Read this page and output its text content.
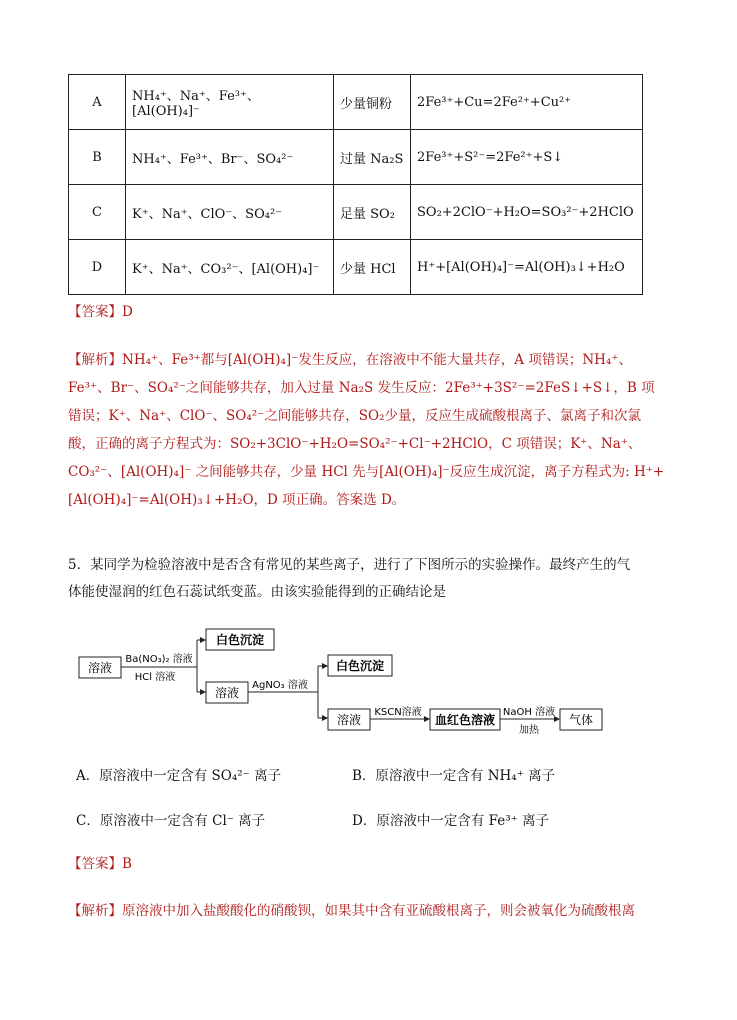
A	NH₄⁺、Na⁺、Fe³⁺、[Al(OH)₄]⁻	少量铜粉	2Fe³⁺+Cu=2Fe²⁺+Cu²⁺
B	NH₄⁺、Fe³⁺、Br⁻、SO₄²⁻	过量 Na₂S	2Fe³⁺+S²⁻=2Fe²⁺+S↓
C	K⁺、Na⁺、ClO⁻、SO₄²⁻	足量 SO₂	SO₂+2ClO⁻+H₂O=SO₃²⁻+2HClO
D	K⁺、Na⁺、CO₃²⁻、[Al(OH)₄]⁻	少量 HCl	H⁺+[Al(OH)₄]⁻=Al(OH)₃↓+H₂O
【答案】D
【解析】NH₄⁺、Fe³⁺都与[Al(OH)₄]⁻发生反应，在溶液中不能大量共存，A 项错误；NH₄⁺、Fe³⁺、Br⁻、SO₄²⁻之间能够共存，加入过量 Na₂S 发生反应：2Fe³⁺+3S²⁻=2FeS↓+S↓，B 项错误；K⁺、Na⁺、ClO⁻、SO₄²⁻之间能够共存，SO₂少量，反应生成硫酸根离子、氯离子和次氯酸，正确的离子方程式为：SO₂+3ClO⁻+H₂O=SO₄²⁻+Cl⁻+2HClO，C 项错误；K⁺、Na⁺、CO₃²⁻、[Al(OH)₄]⁻ 之间能够共存，少量 HCl 先与[Al(OH)₄]⁻反应生成沉淀，离子方程式为: H⁺+[Al(OH)₄]⁻=Al(OH)₃↓+H₂O，D 项正确。答案选 D。
5．某同学为检验溶液中是否含有常见的某些离子，进行了下图所示的实验操作。最终产生的气
体能使湿润的红色石蕊试纸变蓝。由该实验能得到的正确结论是
溶液
Ba(NO₃)₂ 溶液
HCl 溶液
白色沉淀
溶液
AgNO₃ 溶液
白色沉淀
溶液
KSCN溶液
血红色溶液
NaOH 溶液
加热
气体
A．原溶液中一定含有 SO₄²⁻ 离子	B．原溶液中一定含有 NH₄⁺ 离子
C．原溶液中一定含有 Cl⁻ 离子	D．原溶液中一定含有 Fe³⁺ 离子
【答案】B
【解析】原溶液中加入盐酸酸化的硝酸钡，如果其中含有亚硫酸根离子，则会被氧化为硫酸根离
